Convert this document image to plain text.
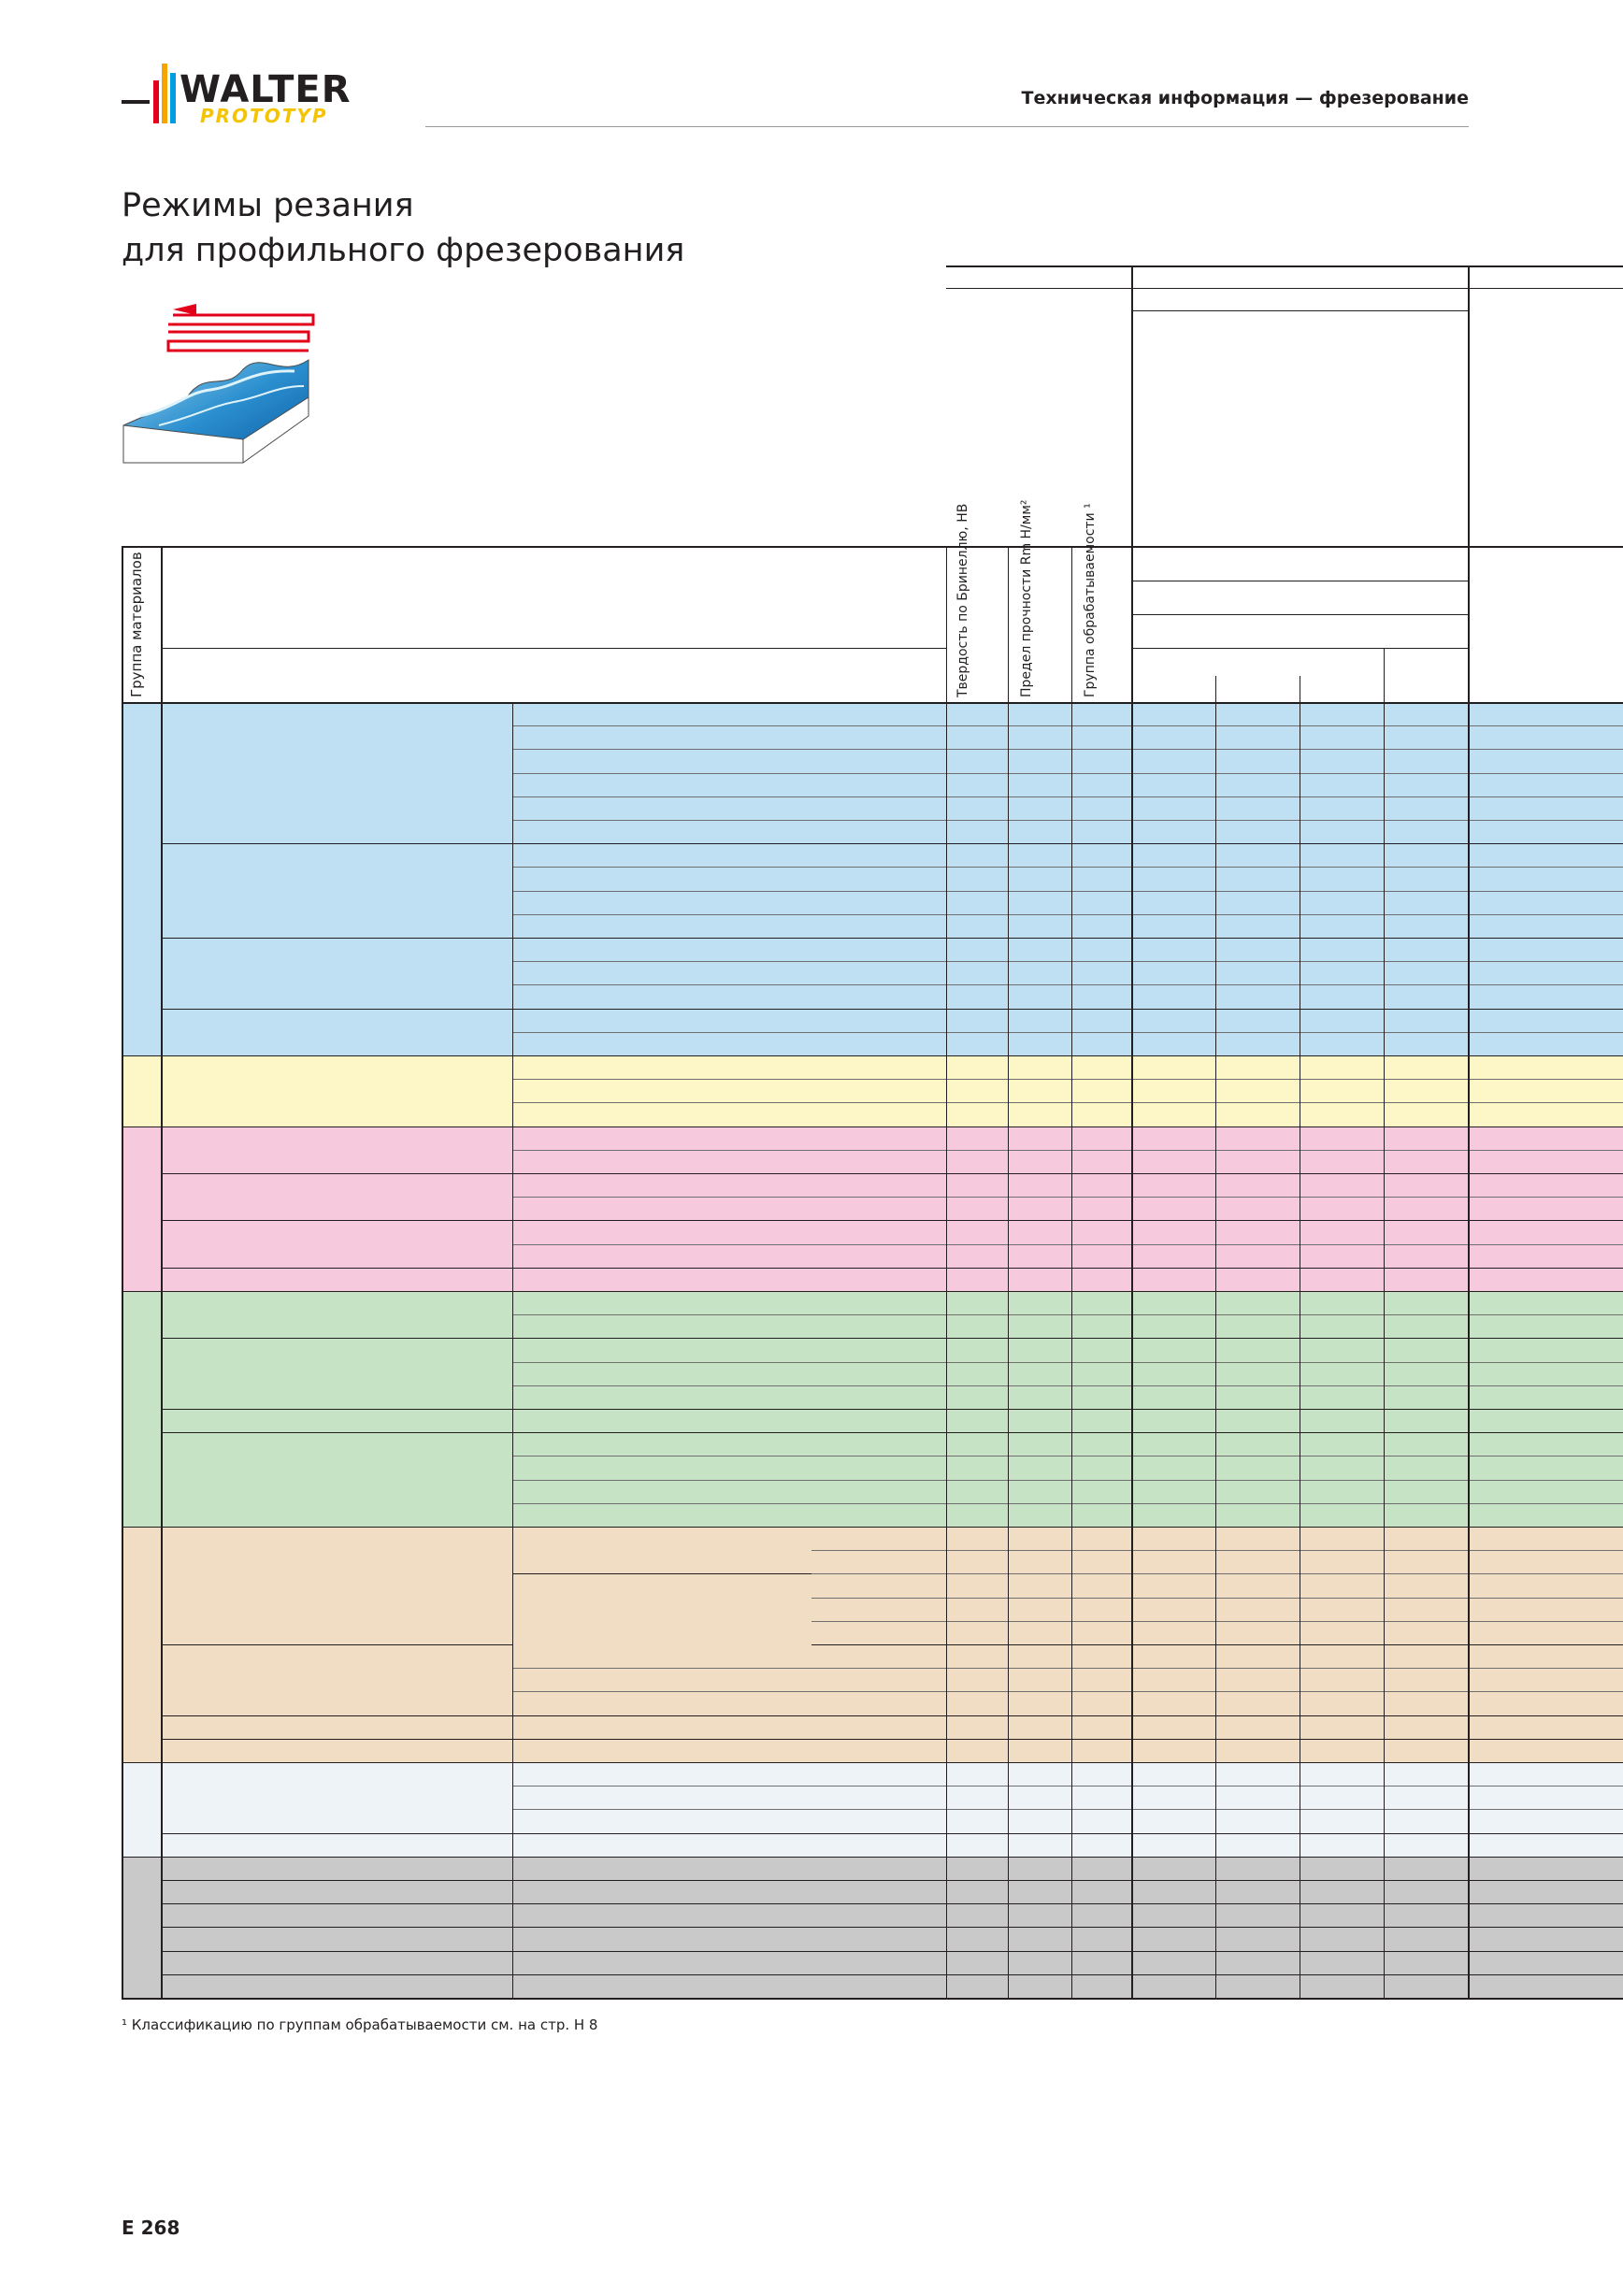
WALTER
PROTOTYP
Техническая информация — фрезерование
Режимы резания
для профильного фрезерования
Группа материалов	Твердость по Бринеллю, HB	Предел прочности Rm Н/мм²	Группа обрабатываемости ¹
¹ Классификацию по группам обрабатываемости см. на стр. H 8
E 268
